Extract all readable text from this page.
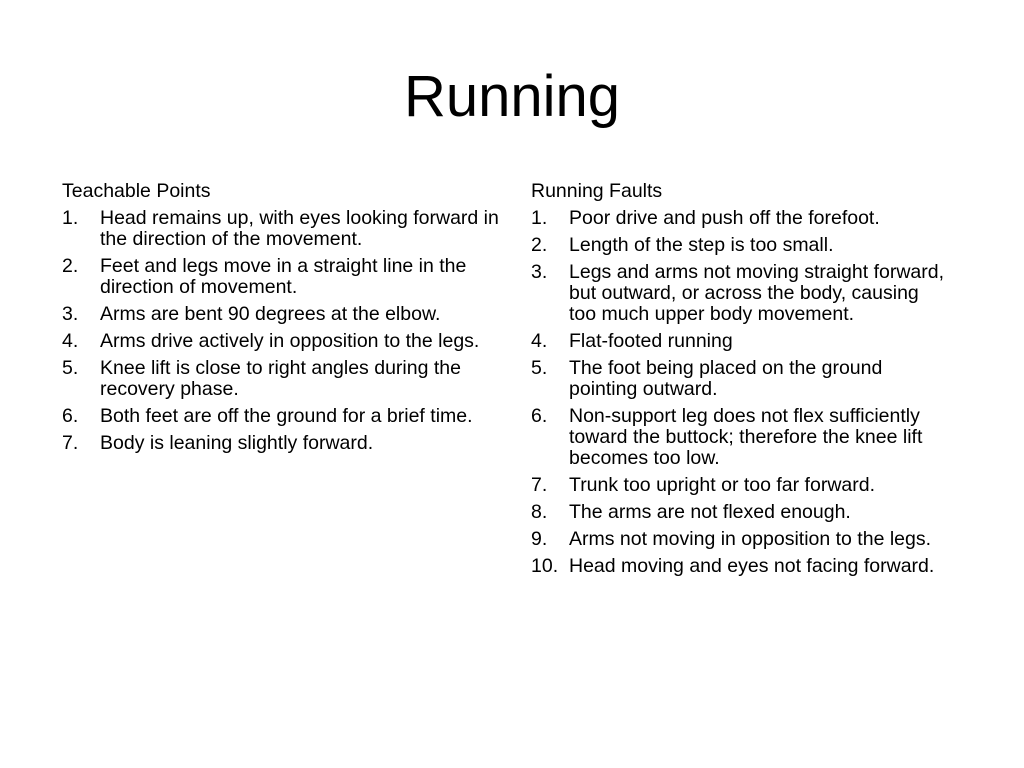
Running
Teachable Points
1.	Head remains up, with eyes looking forward in the direction of the movement.
2.	Feet and legs move in a straight line in the direction of movement.
3.	Arms are bent 90 degrees at the elbow.
4.	Arms drive actively in opposition to the legs.
5.	Knee lift is close to right angles during the recovery phase.
6.	Both feet are off the ground for a brief time.
7.	Body is leaning slightly forward.
Running Faults
1.	Poor drive and push off the forefoot.
2.	Length of the step is too small.
3.	Legs and arms not moving straight forward, but outward, or across the body, causing too much upper body movement.
4.	Flat-footed running
5.	The foot being placed on the ground pointing outward.
6.	Non-support leg does not flex sufficiently toward the buttock; therefore the knee lift becomes too low.
7.	Trunk too upright or too far forward.
8.	The arms are not flexed enough.
9.	Arms not moving in opposition to the legs.
10. Head moving and eyes not facing forward.
